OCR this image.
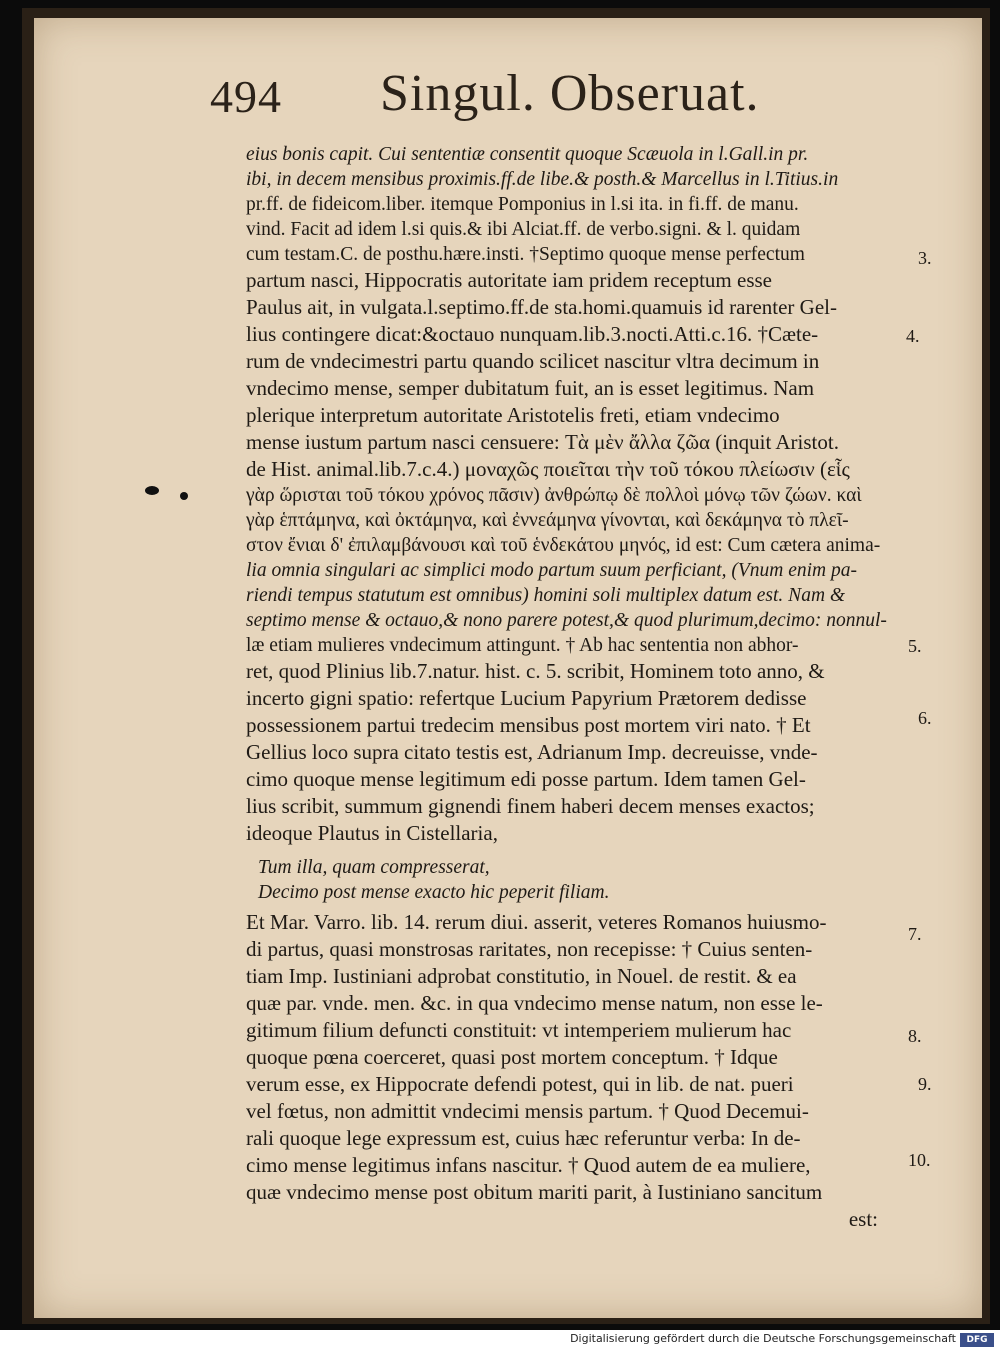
494 Singul. Obseruat.
eius bonis capit. Cui sententiæ consentit quoque Scæuola in l.Gall.in pr.
ibi, in decem mensibus proximis.ff.de libe.& posth.& Marcellus in l.Titius.in
pr.ff. de fideicom.liber. itemque Pomponius in l.si ita. in fi.ff. de manu.
vind. Facit ad idem l.si quis.& ibi Alciat.ff. de verbo.signi. & l. quidam
cum testam.C. de posthu.hære.insti. †Septimo quoque mense perfectum
partum nasci, Hippocratis autoritate iam pridem receptum esse
Paulus ait, in vulgata.l.septimo.ff.de sta.homi.quamuis id rarenter Gel-
lius contingere dicat:&octauo nunquam.lib.3.nocti.Atti.c.16. †Cæte-
rum de vndecimestri partu quando scilicet nascitur vltra decimum in
vndecimo mense, semper dubitatum fuit, an is esset legitimus. Nam
plerique interpretum autoritate Aristotelis freti, etiam vndecimo
mense iustum partum nasci censuere: Τὰ μὲν ἄλλα ζῶα (inquit Aristot.
de Hist. animal.lib.7.c.4.) μοναχῶς ποιεῖται τὴν τοῦ τόκου πλείωσιν (εἷς
γὰρ ὥρισται τοῦ τόκου χρόνος πᾶσιν) ἀνθρώπῳ δὲ πολλοὶ μόνῳ τῶν ζώων. καὶ
γὰρ ἑπτάμηνα, καὶ ὀκτάμηνα, καὶ ἐννεάμηνα γίνονται, καὶ δεκάμηνα τὸ πλεῖ-
στον ἔνιαι δ' ἐπιλαμβάνουσι καὶ τοῦ ἑνδεκάτου μηνός, id est: Cum cætera anima-
lia omnia singulari ac simplici modo partum suum perficiant, (Vnum enim pa-
riendi tempus statutum est omnibus) homini soli multiplex datum est. Nam &
septimo mense & octauo,& nono parere potest,& quod plurimum,decimo: nonnul-
læ etiam mulieres vndecimum attingunt. † Ab hac sententia non abhor-
ret, quod Plinius lib.7.natur. hist. c. 5. scribit, Hominem toto anno, &
incerto gigni spatio: refertque Lucium Papyrium Prætorem dedisse
possessionem partui tredecim mensibus post mortem viri nato. † Et
Gellius loco supra citato testis est, Adrianum Imp. decreuisse, vnde-
cimo quoque mense legitimum edi posse partum. Idem tamen Gel-
lius scribit, summum gignendi finem haberi decem menses exactos;
ideoque Plautus in Cistellaria,
Tum illa, quam compresserat,
Decimo post mense exacto hic peperit filiam.
Et Mar. Varro. lib. 14. rerum diui. asserit, veteres Romanos huiusmo-
di partus, quasi monstrosas raritates, non recepisse: † Cuius senten-
tiam Imp. Iustiniani adprobat constitutio, in Nouel. de restit. & ea
quæ par. vnde. men. &c. in qua vndecimo mense natum, non esse le-
gitimum filium defuncti constituit: vt intemperiem mulierum hac
quoque pœna coerceret, quasi post mortem conceptum. † Idque
verum esse, ex Hippocrate defendi potest, qui in lib. de nat. pueri
vel fœtus, non admittit vndecimi mensis partum. † Quod Decemui-
rali quoque lege expressum est, cuius hæc referuntur verba: In de-
cimo mense legitimus infans nascitur. † Quod autem de ea muliere,
quæ vndecimo mense post obitum mariti parit, à Iustiniano sancitum
est:
3.
4.
5.
6.
7.
8.
9.
10.
Digitalisierung gefördert durch die Deutsche Forschungsgemeinschaft	DFG
